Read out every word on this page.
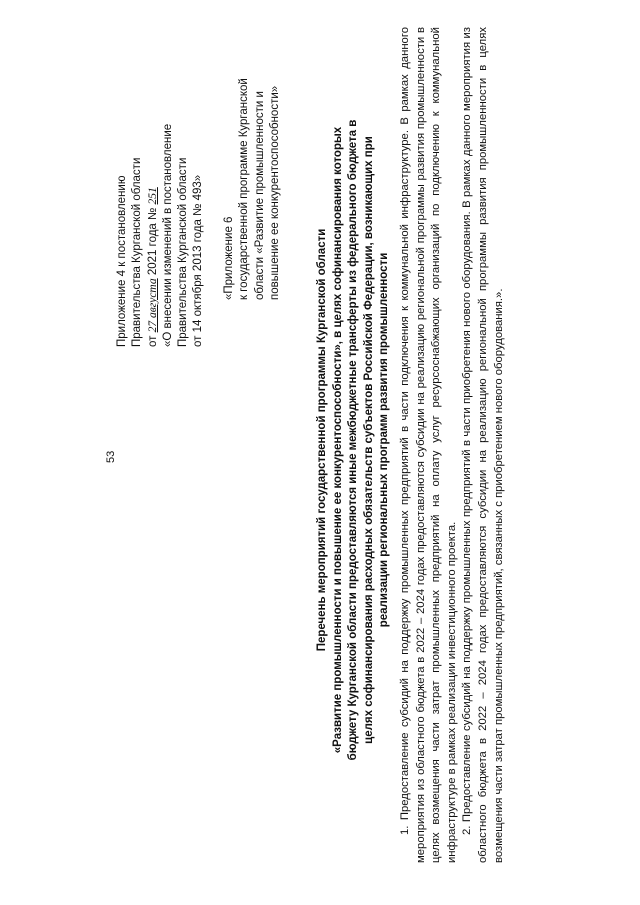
53
Приложение 4 к постановлению Правительства Курганской области от 27 августа 2021 года № 251 «О внесении изменений в постановление Правительства Курганской области от 14 октября 2013 года № 493» «Приложение 6 к государственной программе Курганской области «Развитие промышленности и повышение ее конкурентоспособности»
Перечень мероприятий государственной программы Курганской области «Развитие промышленности и повышение ее конкурентоспособности», в целях софинансирования которых бюджету Курганской области предоставляются иные межбюджетные трансферты из федерального бюджета в целях софинансирования расходных обязательств субъектов Российской Федерации, возникающих при реализации региональных программ развития промышленности 1. Предоставление субсидий на поддержку промышленных предприятий в части подключения к коммунальной инфраструктуре. В рамках данного мероприятия из областного бюджета в 2022 – 2024 годах предоставляются субсидии на реализацию региональной программы развития промышленности в целях возмещения части затрат промышленных предприятий на оплату услуг ресурсоснабжающих организаций по подключению к коммунальной инфраструктуре в рамках реализации инвестиционного проекта. 2. Предоставление субсидий на поддержку промышленных предприятий в части приобретения нового оборудования. В рамках данного мероприятия из областного бюджета в 2022 – 2024 годах предоставляются субсидии на реализацию региональной программы развития промышленности в целях возмещения части затрат промышленных предприятий, связанных с приобретением нового оборудования.».
